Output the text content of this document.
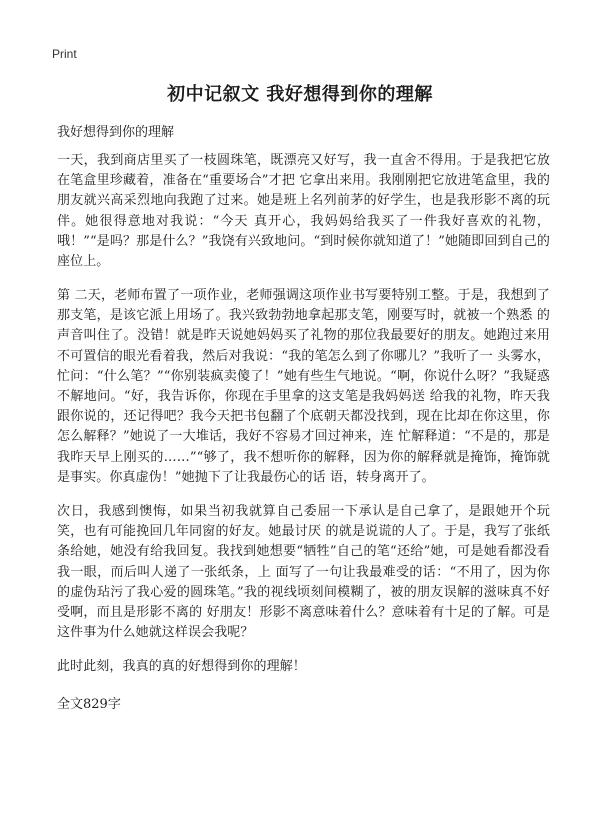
Print
初中记叙文 我好想得到你的理解
我好想得到你的理解
一天，我到商店里买了一枝圆珠笔，既漂亮又好写，我一直舍不得用。于是我把它放在笔盒里珍藏着，准备在“重要场合”才把 它拿出来用。我刚刚把它放进笔盒里，我的朋友就兴高采烈地向我跑了过来。她是班上名列前茅的好学生，也是我形影不离的玩伴。她很得意地对我说：“今天 真开心，我妈妈给我买了一件我好喜欢的礼物，哦！”“是吗？那是什么？”我饶有兴致地问。“到时候你就知道了！”她随即回到自己的座位上。
第 二天，老师布置了一项作业，老师强调这项作业书写要特别工整。于是，我想到了那支笔，是该它派上用场了。我兴致勃勃地拿起那支笔，刚要写时，就被一个熟悉 的声音叫住了。没错！就是昨天说她妈妈买了礼物的那位我最要好的朋友。她跑过来用不可置信的眼光看着我，然后对我说：“我的笔怎么到了你哪儿？”我听了一 头雾水，忙问：“什么笔？”“你别装疯卖傻了！”她有些生气地说。“啊，你说什么呀？”我疑惑不解地问。“好，我告诉你，你现在手里拿的这支笔是我妈妈送 给我的礼物，昨天我跟你说的，还记得吧？我今天把书包翻了个底朝天都没找到，现在比却在你这里，你怎么解释？”她说了一大堆话，我好不容易才回过神来，连 忙解释道：“不是的，那是我昨天早上刚买的……”“够了，我不想听你的解释，因为你的解释就是掩饰，掩饰就是事实。你真虚伪！”她抛下了让我最伤心的话 语，转身离开了。
次日，我感到懊悔，如果当初我就算自己委屈一下承认是自己拿了，是跟她开个玩笑，也有可能挽回几年同窗的好友。她最讨厌 的就是说谎的人了。于是，我写了张纸条给她，她没有给我回复。我找到她想要“牺牲”自己的笔“还给”她，可是她看都没看我一眼，而后叫人递了一张纸条，上 面写了一句让我最难受的话：“不用了，因为你的虚伪玷污了我心爱的圆珠笔。”我的视线顷刻间模糊了，被的朋友误解的滋味真不好受啊，而且是形影不离的 好朋友！形影不离意味着什么？意味着有十足的了解。可是这件事为什么她就这样误会我呢？
此时此刻，我真的真的好想得到你的理解！
全文829字
